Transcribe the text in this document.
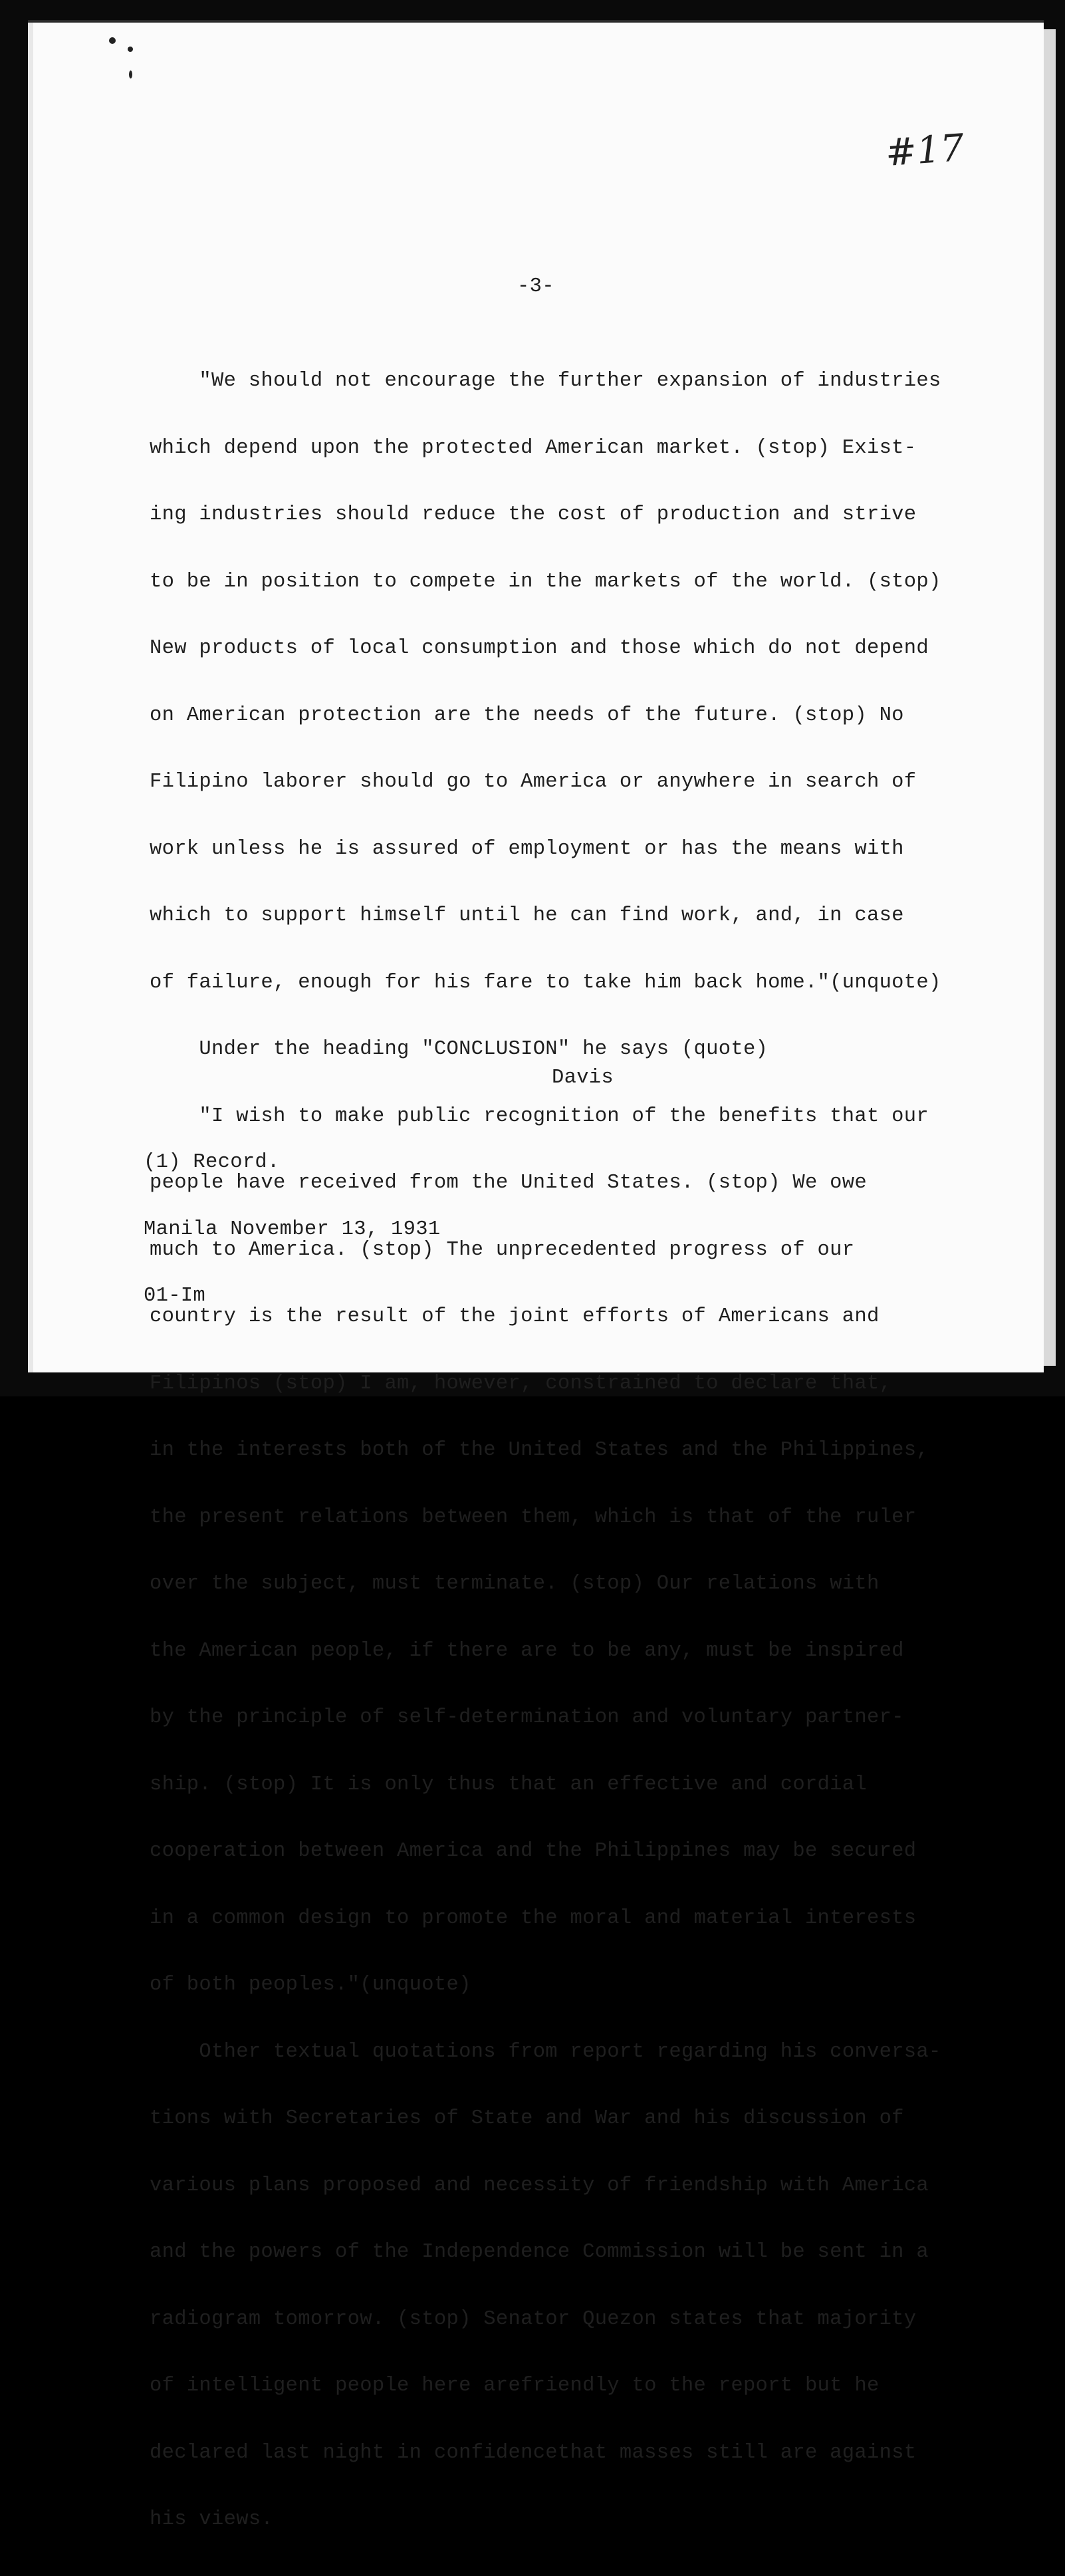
#17
-3-

"We should not encourage the further expansion of industries

which depend upon the protected American market. (stop) Exist-

ing industries should reduce the cost of production and strive

to be in position to compete in the markets of the world. (stop)

New products of local consumption and those which do not depend

on American protection are the needs of the future. (stop) No

Filipino laborer should go to America or anywhere in search of

work unless he is assured of employment or has the means with

which to support himself until he can find work, and, in case

of failure, enough for his fare to take him back home."(unquote)

Under the heading "CONCLUSION" he says (quote)

"I wish to make public recognition of the benefits that our

people have received from the United States. (stop) We owe

much to America. (stop) The unprecedented progress of our

country is the result of the joint efforts of Americans and

Filipinos (stop) I am, however, constrained to declare that,

in the interests both of the United States and the Philippines,

the present relations between them, which is that of the ruler

over the subject, must terminate. (stop) Our relations with

the American people, if there are to be any, must be inspired

by the principle of self-determination and voluntary partner-

ship. (stop) It is only thus that an effective and cordial

cooperation between America and the Philippines may be secured

in a common design to promote the moral and material interests

of both peoples."(unquote)

Other textual quotations from report regarding his conversa-

tions with Secretaries of State and War and his discussion of

various plans proposed and necessity of friendship with America

and the powers of the Independence Commission will be sent in a

radiogram tomorrow. (stop) Senator Quezon states that majority

of intelligent people here arefriendly to the report but he

declared last night in confidencethat masses still are against

his views.

Davis

(1) Record.

Manila November 13, 1931

01-Im
